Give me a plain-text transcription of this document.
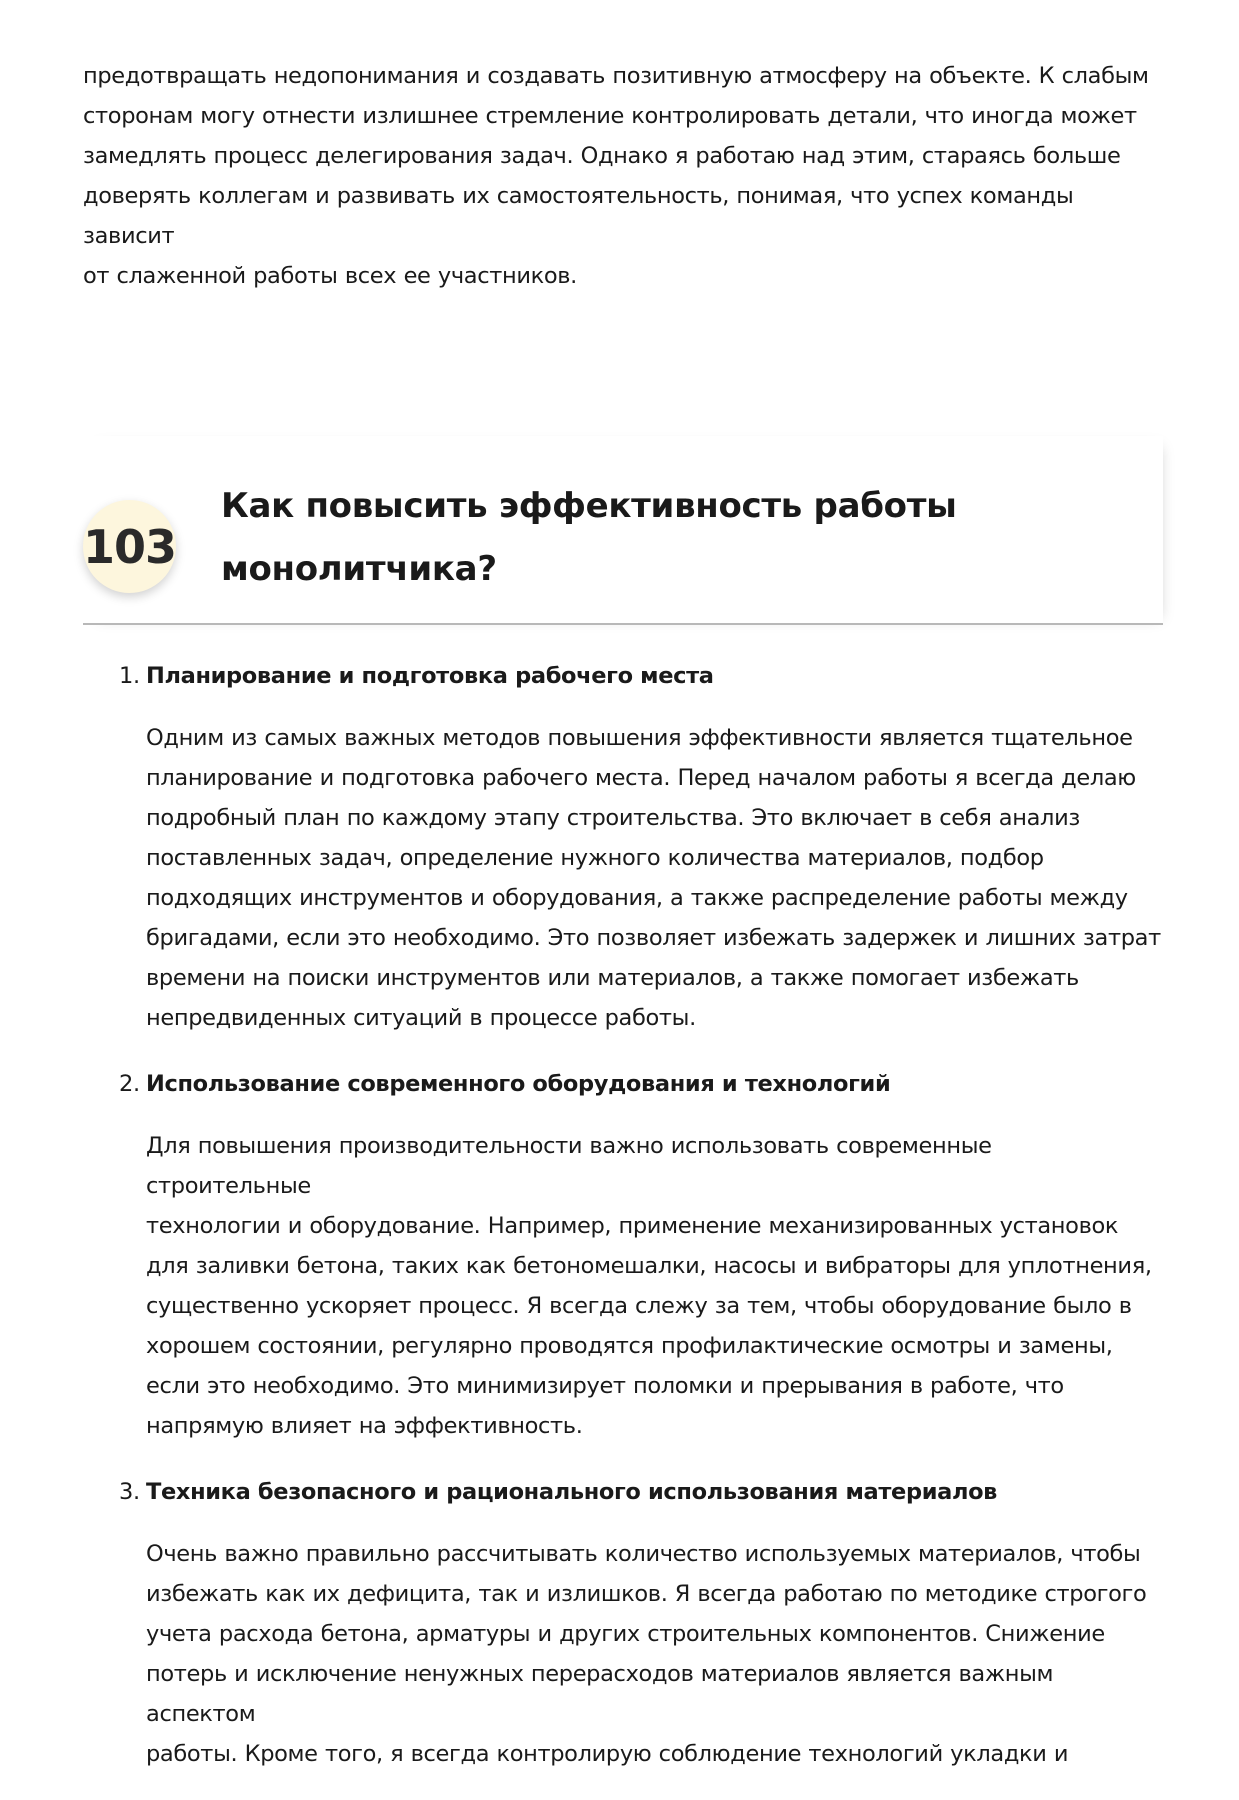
предотвращать недопонимания и создавать позитивную атмосферу на объекте. К слабым
сторонам могу отнести излишнее стремление контролировать детали, что иногда может
замедлять процесс делегирования задач. Однако я работаю над этим, стараясь больше
доверять коллегам и развивать их самостоятельность, понимая, что успех команды зависит
от слаженной работы всех ее участников.

103
Как повысить эффективность работы
монолитчика?
1 . Планирование и подготовка рабочего места

Одним из самых важных методов повышения эффективности является тщательное
планирование и подготовка рабочего места. Перед началом работы я всегда делаю
подробный план по каждому этапу строительства. Это включает в себя анализ
поставленных задач, определение нужного количества материалов, подбор
подходящих инструментов и оборудования, а также распределение работы между
бригадами, если это необходимо. Это позволяет избежать задержек и лишних затрат
времени на поиски инструментов или материалов, а также помогает избежать
непредвиденных ситуаций в процессе работы.

2 . Использование современного оборудования и технологий

Для повышения производительности важно использовать современные строительные
технологии и оборудование. Например, применение механизированных установок
для заливки бетона, таких как бетономешалки, насосы и вибраторы для уплотнения,
существенно ускоряет процесс. Я всегда слежу за тем, чтобы оборудование было в
хорошем состоянии, регулярно проводятся профилактические осмотры и замены,
если это необходимо. Это минимизирует поломки и прерывания в работе, что
напрямую влияет на эффективность.

3 . Техника безопасного и рационального использования материалов

Очень важно правильно рассчитывать количество используемых материалов, чтобы
избежать как их дефицита, так и излишков. Я всегда работаю по методике строгого
учета расхода бетона, арматуры и других строительных компонентов. Снижение
потерь и исключение ненужных перерасходов материалов является важным аспектом
работы. Кроме того, я всегда контролирую соблюдение технологий укладки и
